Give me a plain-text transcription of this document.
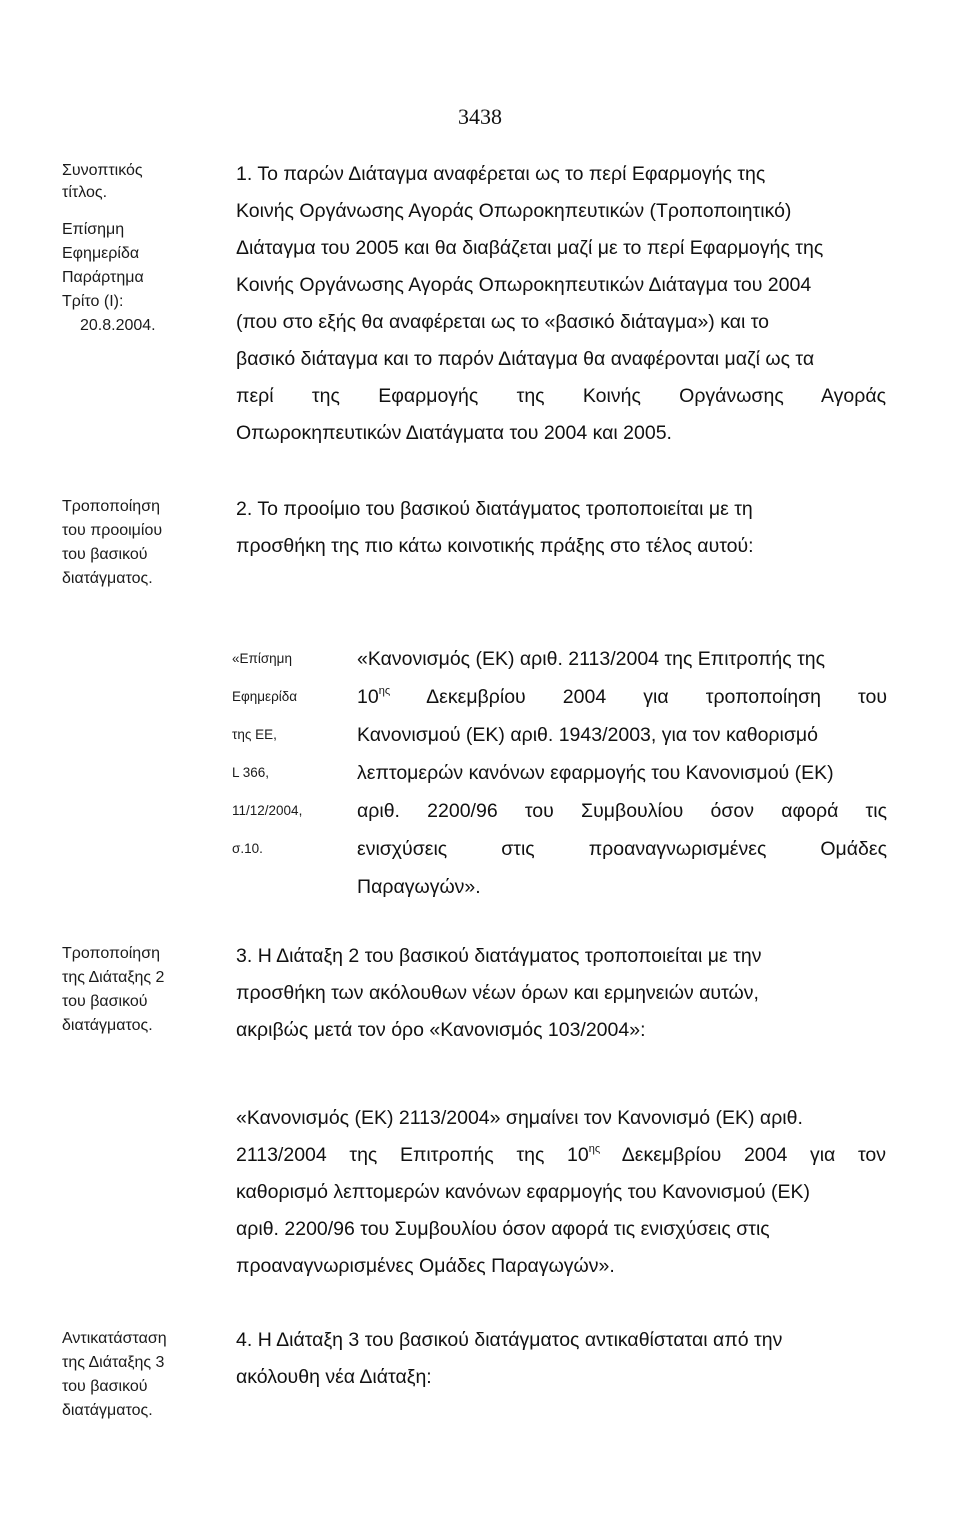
3438
Συνοπτικός
τίτλος.
Επίσημη
Εφημερίδα
Παράρτημα
Τρίτο (Ι):
20.8.2004.
Τροποποίηση
του προοιμίου
του βασικού
διατάγματος.
Τροποποίηση
της Διάταξης 2
του βασικού
διατάγματος.
Αντικατάσταση
της Διάταξης 3
του βασικού
διατάγματος.
1. Το παρών Διάταγμα αναφέρεται ως το περί Εφαρμογής της
Κοινής Οργάνωσης Αγοράς Οπωροκηπευτικών (Τροποποιητικό)
Διάταγμα του 2005 και θα διαβάζεται μαζί με το περί Εφαρμογής της
Κοινής Οργάνωσης Αγοράς Οπωροκηπευτικών Διάταγμα του 2004
(που στο εξής θα αναφέρεται ως το «βασικό διάταγμα») και το
βασικό διάταγμα και το παρόν Διάταγμα θα αναφέρονται μαζί ως τα
περί της Εφαρμογής της Κοινής Οργάνωσης Αγοράς
Οπωροκηπευτικών Διατάγματα του 2004 και 2005.
2. Το προοίμιο του βασικού διατάγματος τροποποιείται με τη
προσθήκη της πιο κάτω κοινοτικής πράξης στο τέλος αυτού:
«Επίσημη
Εφημερίδα
της ΕΕ,
L 366,
11/12/2004,
σ.10.
«Κανονισμός (ΕΚ) αριθ. 2113/2004 της Επιτροπής της
$10^{\eta\varsigma}$ Δεκεμβρίου 2004 για τροποποίηση του
Κανονισμού (ΕΚ) αριθ. 1943/2003, για τον καθορισμό
λεπτομερών κανόνων εφαρμογής του Κανονισμού (ΕΚ)
αριθ. 2200/96 του Συμβουλίου όσον αφορά τις
ενισχύσεις στις προαναγνωρισμένες Ομάδες
Παραγωγών».
3. Η Διάταξη 2 του βασικού διατάγματος τροποποιείται με την
προσθήκη των ακόλουθων νέων όρων και ερμηνειών αυτών,
ακριβώς μετά τον όρο «Κανονισμός 103/2004»:
«Κανονισμός (ΕΚ) 2113/2004» σημαίνει τον Κανονισμό (ΕΚ) αριθ.
2113/2004 της Επιτροπής της $10^{\eta\varsigma}$ Δεκεμβρίου 2004 για τον
καθορισμό λεπτομερών κανόνων εφαρμογής του Κανονισμού (ΕΚ)
αριθ. 2200/96 του Συμβουλίου όσον αφορά τις ενισχύσεις στις
προαναγνωρισμένες Ομάδες Παραγωγών».
4. Η Διάταξη 3 του βασικού διατάγματος αντικαθίσταται από την
ακόλουθη νέα Διάταξη:
